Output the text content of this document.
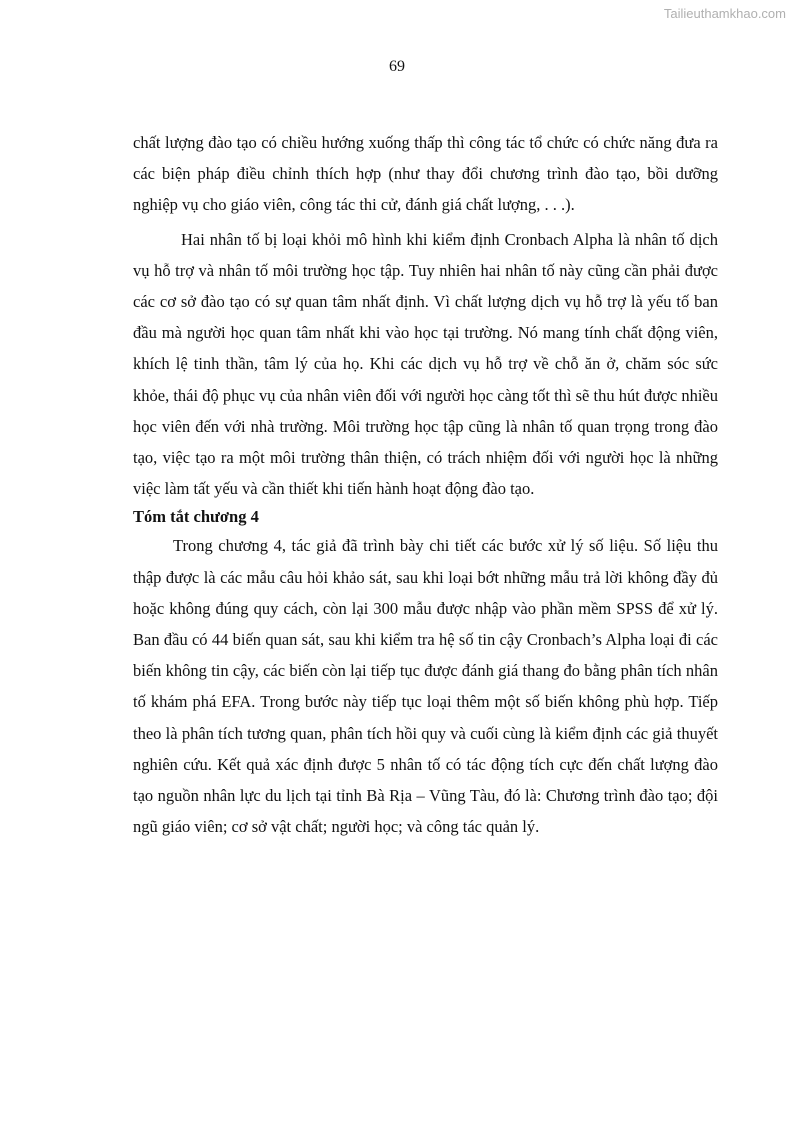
Tailieuthamkhao.com
69

chất lượng đào tạo có chiều hướng xuống thấp thì công tác tổ chức có chức năng đưa ra các biện pháp điều chỉnh thích hợp (như thay đổi chương trình đào tạo, bồi dưỡng nghiệp vụ cho giáo viên, công tác thi cử, đánh giá chất lượng, . . .).

Hai nhân tố bị loại khỏi mô hình khi kiểm định Cronbach Alpha là nhân tố dịch vụ hỗ trợ và nhân tố môi trường học tập. Tuy nhiên hai nhân tố này cũng cần phải được các cơ sở đào tạo có sự quan tâm nhất định. Vì chất lượng dịch vụ hỗ trợ là yếu tố ban đầu mà người học quan tâm nhất khi vào học tại trường. Nó mang tính chất động viên, khích lệ tinh thần, tâm lý của họ. Khi các dịch vụ hỗ trợ về chỗ ăn ở, chăm sóc sức khỏe, thái độ phục vụ của nhân viên đối với người học càng tốt thì sẽ thu hút được nhiều học viên đến với nhà trường. Môi trường học tập cũng là nhân tố quan trọng trong đào tạo, việc tạo ra một môi trường thân thiện, có trách nhiệm đối với người học là những việc làm tất yếu và cần thiết khi tiến hành hoạt động đào tạo.

Tóm tắt chương 4

Trong chương 4, tác giả đã trình bày chi tiết các bước xử lý số liệu. Số liệu thu thập được là các mẫu câu hỏi khảo sát, sau khi loại bớt những mẫu trả lời không đầy đủ hoặc không đúng quy cách, còn lại 300 mẫu được nhập vào phần mềm SPSS để xử lý. Ban đầu có 44 biến quan sát, sau khi kiểm tra hệ số tin cậy Cronbach’s Alpha loại đi các biến không tin cậy, các biến còn lại tiếp tục được đánh giá thang đo bằng phân tích nhân tố khám phá EFA. Trong bước này tiếp tục loại thêm một số biến không phù hợp. Tiếp theo là phân tích tương quan, phân tích hồi quy và cuối cùng là kiểm định các giả thuyết nghiên cứu. Kết quả xác định được 5 nhân tố có tác động tích cực đến chất lượng đào tạo nguồn nhân lực du lịch tại tỉnh Bà Rịa – Vũng Tàu, đó là: Chương trình đào tạo; đội ngũ giáo viên; cơ sở vật chất; người học; và công tác quản lý.
